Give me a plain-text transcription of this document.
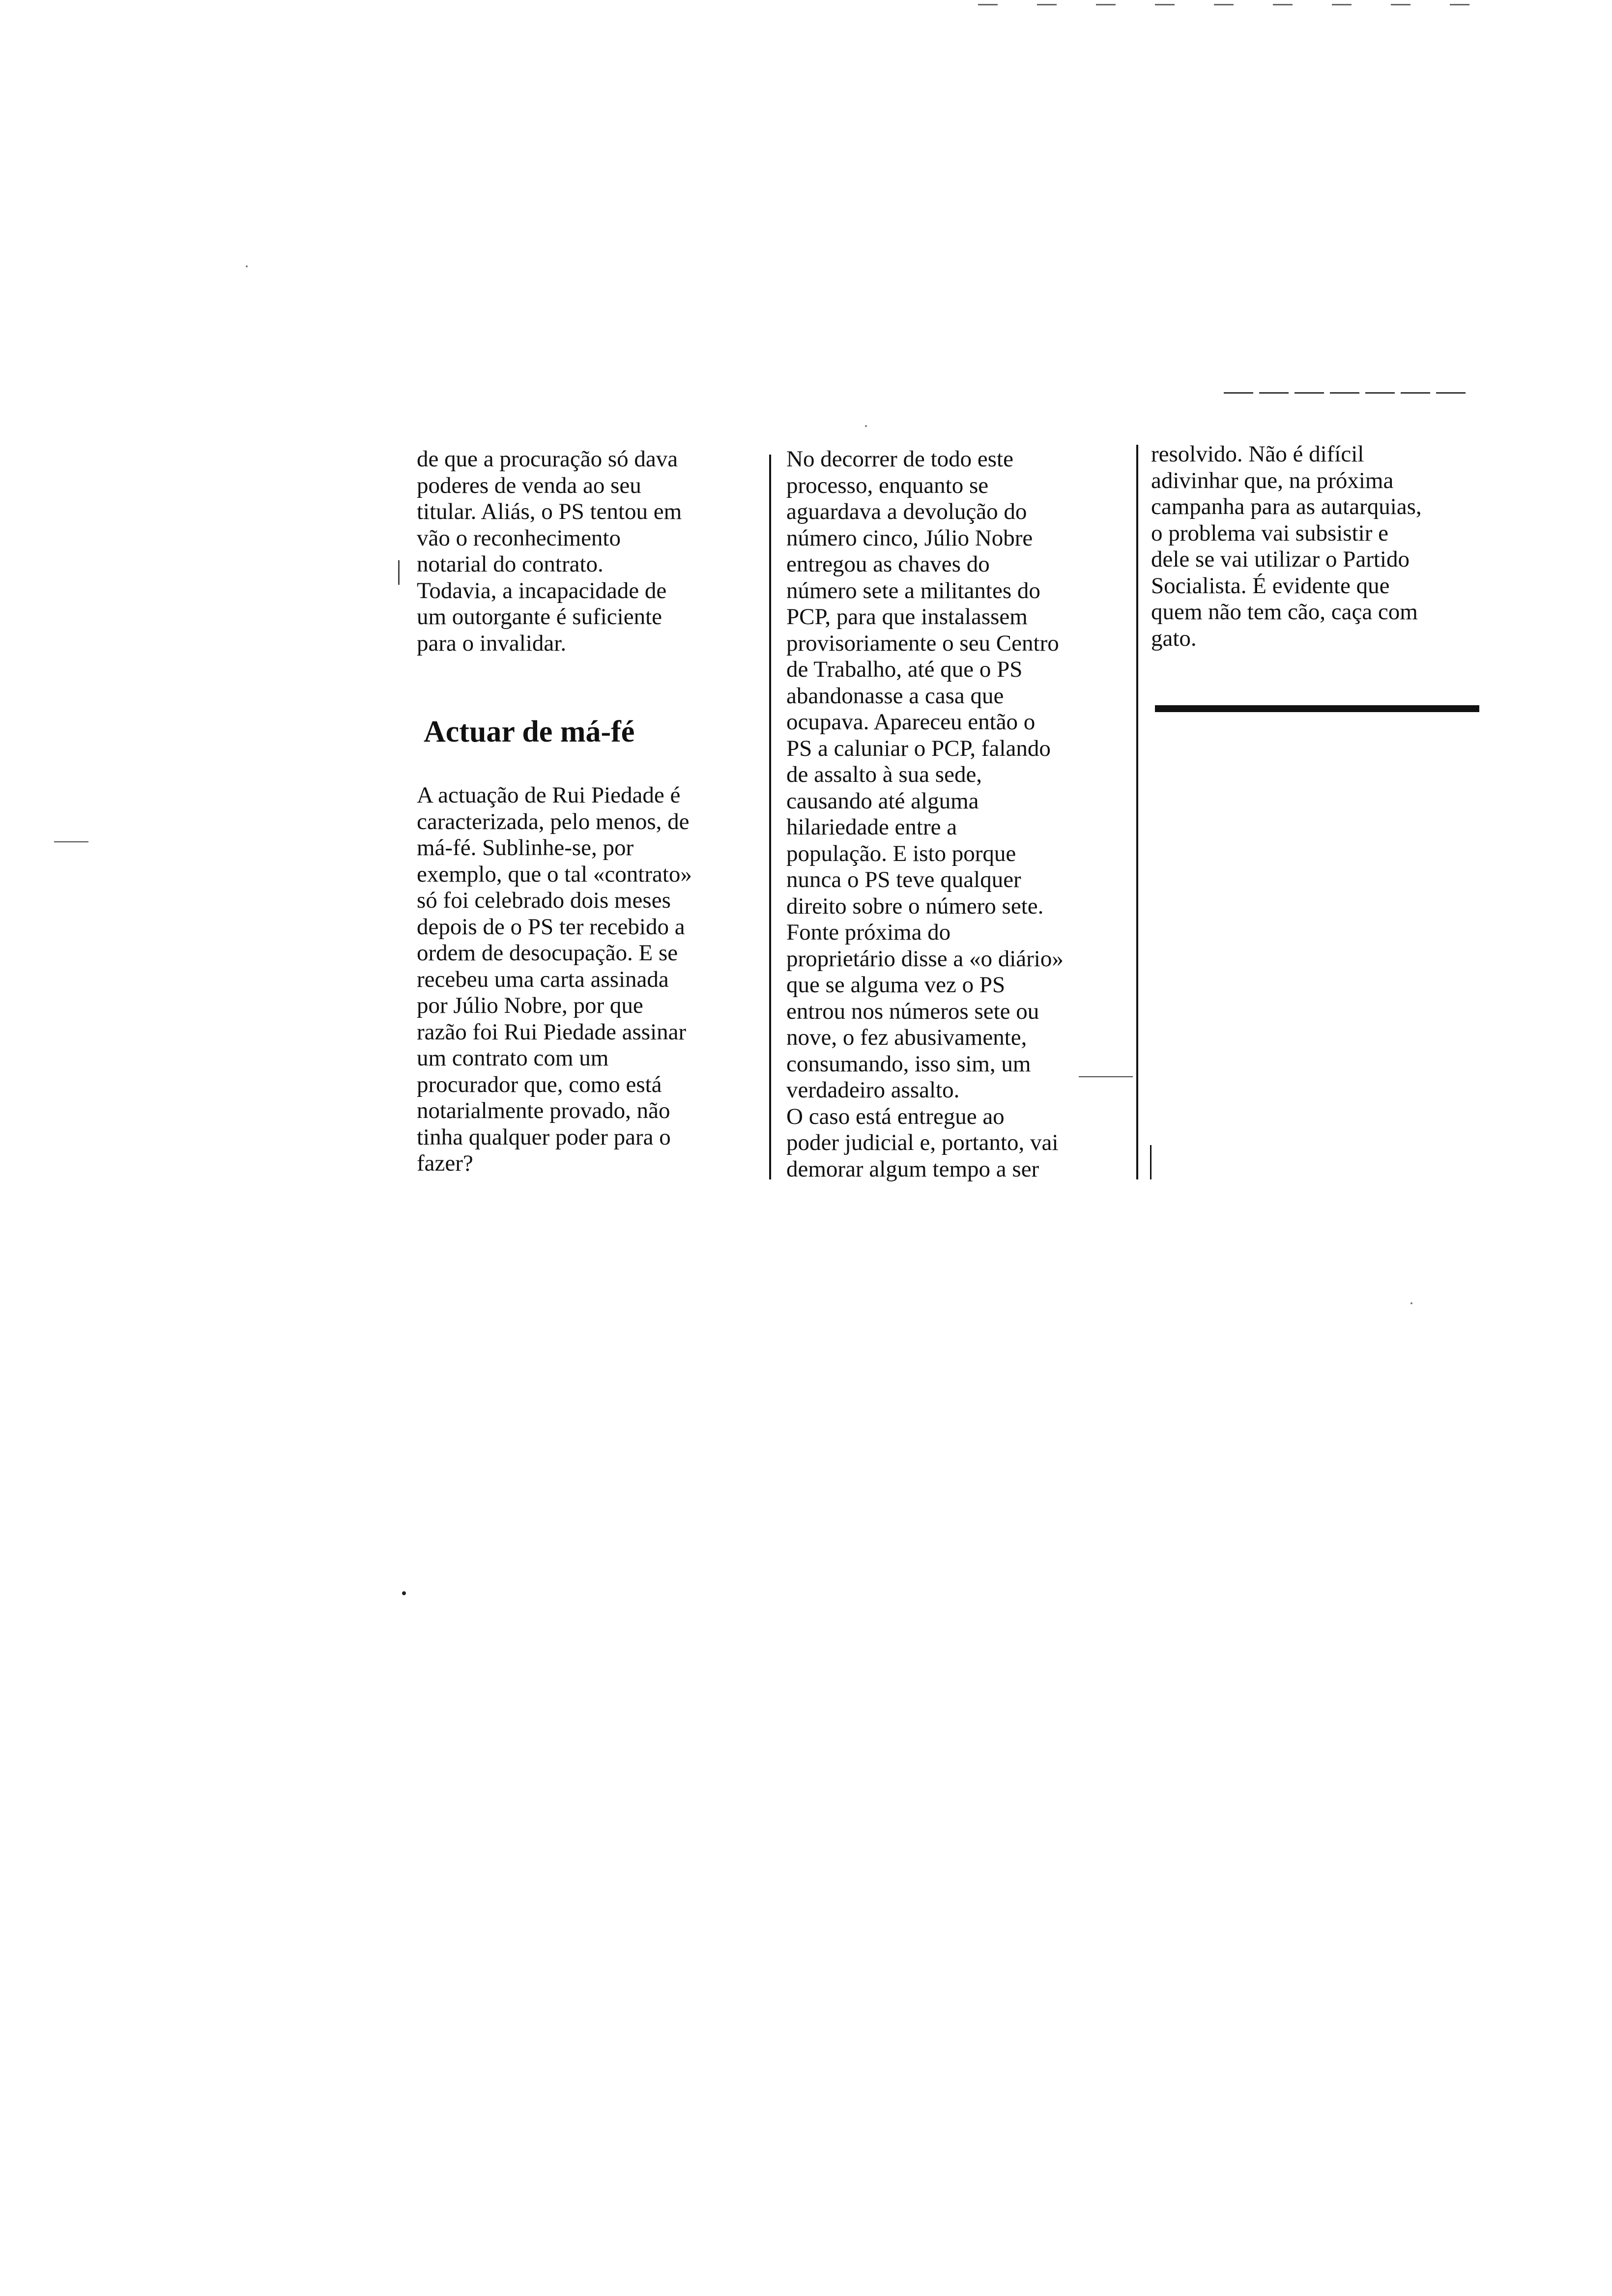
de que a procuração só dava
poderes de venda ao seu
titular. Aliás, o PS tentou em
vão o reconhecimento
notarial do contrato.
Todavia, a incapacidade de
um outorgante é suficiente
para o invalidar.
Actuar de má-fé
A actuação de Rui Piedade é
caracterizada, pelo menos, de
má-fé. Sublinhe-se, por
exemplo, que o tal «contrato»
só foi celebrado dois meses
depois de o PS ter recebido a
ordem de desocupação. E se
recebeu uma carta assinada
por Júlio Nobre, por que
razão foi Rui Piedade assinar
um contrato com um
procurador que, como está
notarialmente provado, não
tinha qualquer poder para o
fazer?
No decorrer de todo este
processo, enquanto se
aguardava a devolução do
número cinco, Júlio Nobre
entregou as chaves do
número sete a militantes do
PCP, para que instalassem
provisoriamente o seu Centro
de Trabalho, até que o PS
abandonasse a casa que
ocupava. Apareceu então o
PS a caluniar o PCP, falando
de assalto à sua sede,
causando até alguma
hilariedade entre a
população. E isto porque
nunca o PS teve qualquer
direito sobre o número sete.
Fonte próxima do
proprietário disse a «o diário»
que se alguma vez o PS
entrou nos números sete ou
nove, o fez abusivamente,
consumando, isso sim, um
verdadeiro assalto.
O caso está entregue ao
poder judicial e, portanto, vai
demorar algum tempo a ser
resolvido. Não é difícil
adivinhar que, na próxima
campanha para as autarquias,
o problema vai subsistir e
dele se vai utilizar o Partido
Socialista. É evidente que
quem não tem cão, caça com
gato.
